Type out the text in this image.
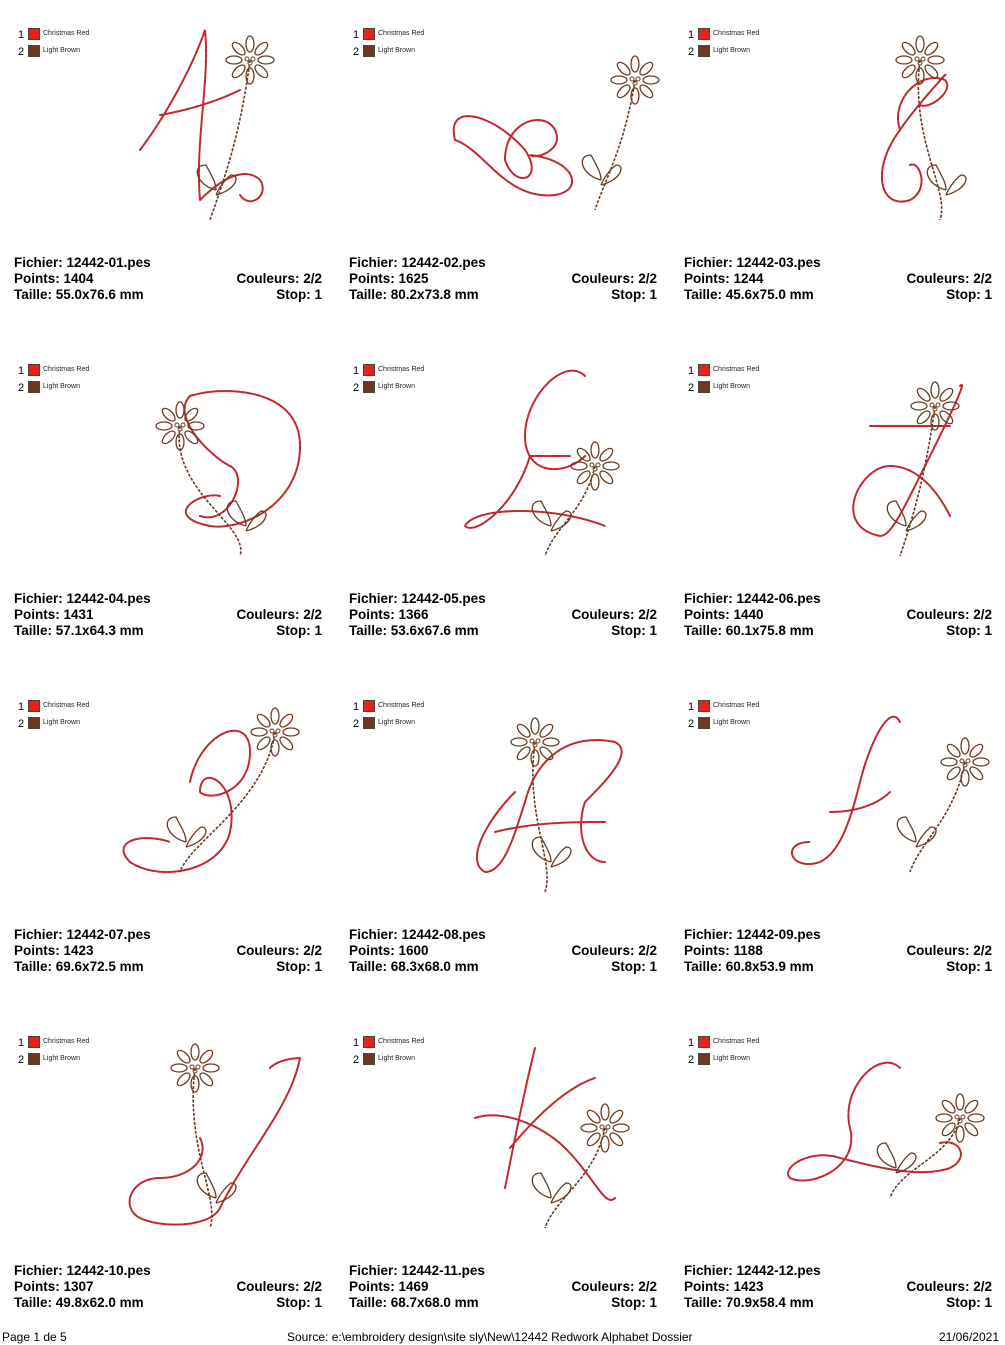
1	Christmas Red
2	Light Brown
Fichier: 12442-01.pes
Points: 1404	Couleurs: 2/2
Taille: 55.0x76.6 mm	Stop: 1
1	Christmas Red
2	Light Brown
Fichier: 12442-02.pes
Points: 1625	Couleurs: 2/2
Taille: 80.2x73.8 mm	Stop: 1
1	Christmas Red
2	Light Brown
Fichier: 12442-03.pes
Points: 1244	Couleurs: 2/2
Taille: 45.6x75.0 mm	Stop: 1
1	Christmas Red
2	Light Brown
Fichier: 12442-04.pes
Points: 1431	Couleurs: 2/2
Taille: 57.1x64.3 mm	Stop: 1
1	Christmas Red
2	Light Brown
Fichier: 12442-05.pes
Points: 1366	Couleurs: 2/2
Taille: 53.6x67.6 mm	Stop: 1
1	Christmas Red
2	Light Brown
Fichier: 12442-06.pes
Points: 1440	Couleurs: 2/2
Taille: 60.1x75.8 mm	Stop: 1
1	Christmas Red
2	Light Brown
Fichier: 12442-07.pes
Points: 1423	Couleurs: 2/2
Taille: 69.6x72.5 mm	Stop: 1
1	Christmas Red
2	Light Brown
Fichier: 12442-08.pes
Points: 1600	Couleurs: 2/2
Taille: 68.3x68.0 mm	Stop: 1
1	Christmas Red
2	Light Brown
Fichier: 12442-09.pes
Points: 1188	Couleurs: 2/2
Taille: 60.8x53.9 mm	Stop: 1
1	Christmas Red
2	Light Brown
Fichier: 12442-10.pes
Points: 1307	Couleurs: 2/2
Taille: 49.8x62.0 mm	Stop: 1
1	Christmas Red
2	Light Brown
Fichier: 12442-11.pes
Points: 1469	Couleurs: 2/2
Taille: 68.7x68.0 mm	Stop: 1
1	Christmas Red
2	Light Brown
Fichier: 12442-12.pes
Points: 1423	Couleurs: 2/2
Taille: 70.9x58.4 mm	Stop: 1
Page 1 de 5	Source: e:\embroidery design\site sly\New\12442 Redwork Alphabet Dossier	21/06/2021
